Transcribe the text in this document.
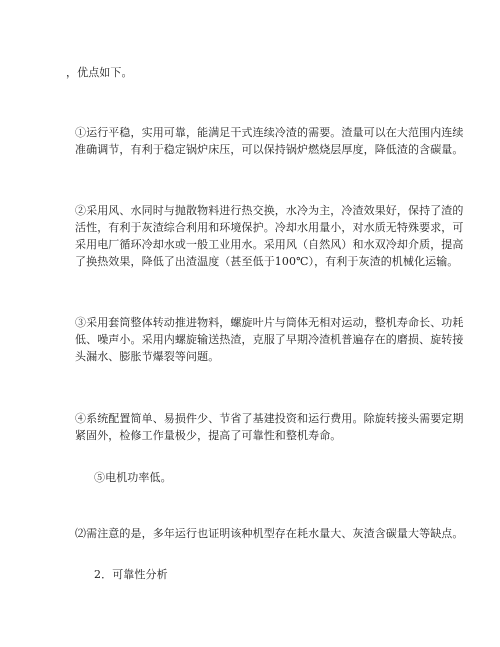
，优点如下。

①运行平稳，实用可靠，能满足干式连续冷渣的需要。渣量可以在大范围内连续
准确调节，有利于稳定锅炉床压，可以保持锅炉燃烧层厚度，降低渣的含碳量。

②采用风、水同时与抛散物料进行热交换，水冷为主，冷渣效果好，保持了渣的
活性，有利于灰渣综合利用和环境保护。冷却水用量小，对水质无特殊要求，可
采用电厂循环冷却水或一般工业用水。采用风（自然风）和水双冷却介质，提高
了换热效果，降低了出渣温度（甚至低于100℃），有利于灰渣的机械化运输。

③采用套筒整体转动推进物料，螺旋叶片与筒体无相对运动，整机寿命长、功耗
低、噪声小。采用内螺旋输送热渣，克服了早期冷渣机普遍存在的磨损、旋转接
头漏水、膨胀节爆裂等问题。

④系统配置简单、易损件少、节省了基建投资和运行费用。除旋转接头需要定期
紧固外，检修工作量极少，提高了可靠性和整机寿命。

⑤电机功率低。

⑵需注意的是，多年运行也证明该种机型存在耗水量大、灰渣含碳量大等缺点。

2．可靠性分析
